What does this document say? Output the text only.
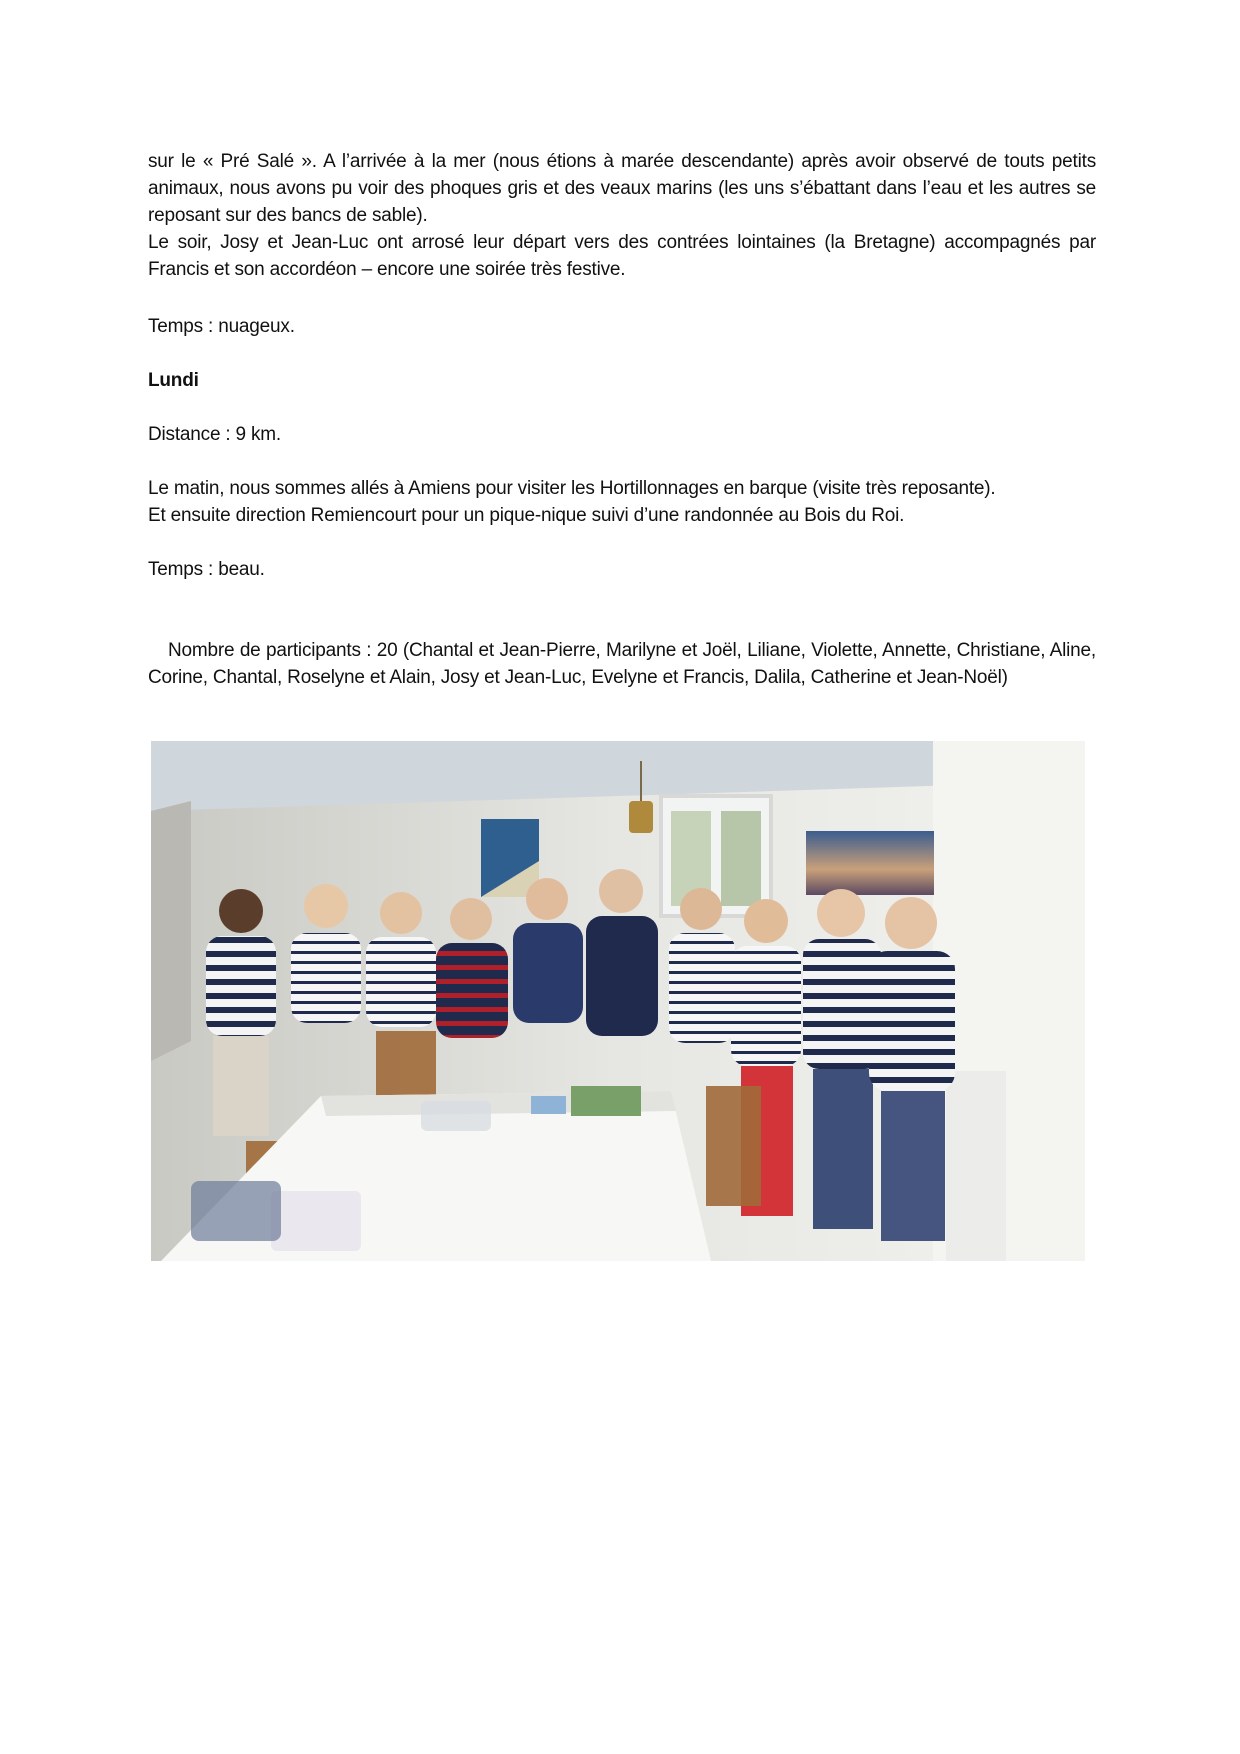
sur le « Pré Salé ». A l’arrivée à la mer (nous étions à marée descendante) après avoir observé de touts petits animaux, nous avons pu voir des phoques gris et des veaux marins (les uns s’ébattant dans l’eau et les autres se reposant sur des bancs de sable).

Le soir, Josy et Jean-Luc ont arrosé leur départ vers des contrées lointaines (la Bretagne) accompagnés par Francis et son accordéon – encore une soirée très festive.

Temps : nuageux.
Lundi
Distance : 9 km.

Le matin, nous sommes allés à Amiens pour visiter les Hortillonnages en barque (visite très reposante).

Et ensuite direction Remiencourt pour un pique-nique suivi d’une randonnée au Bois du Roi.

Temps : beau.
Nombre de participants : 20 (Chantal et Jean-Pierre, Marilyne et Joël, Liliane, Violette, Annette, Christiane, Aline, Corine, Chantal, Roselyne et Alain, Josy et Jean-Luc, Evelyne et Francis, Dalila, Catherine et Jean-Noël)
